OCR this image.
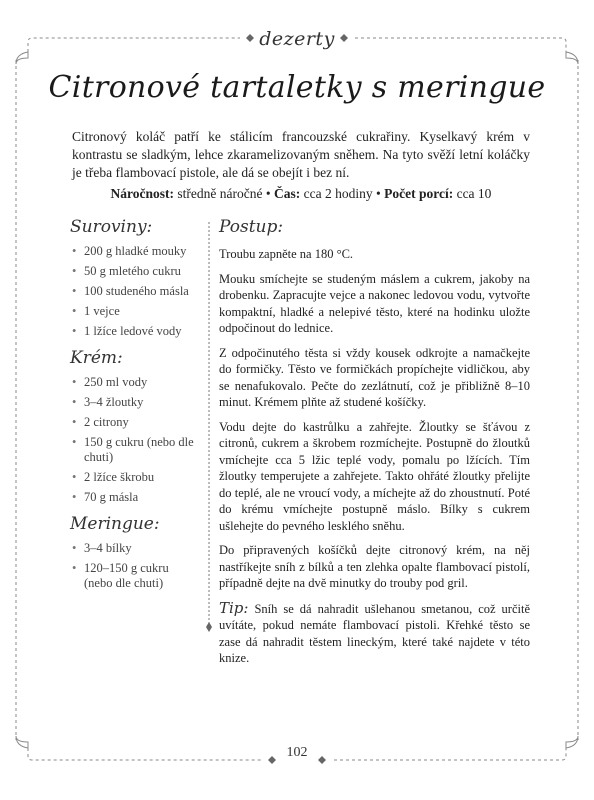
dezerty
Citronové tartaletky s meringue

Citronový koláč patří ke stálicím francouzské cukrařiny. Kyselkavý krém v kontrastu se sladkým, lehce zkaramelizovaným sněhem. Na tyto svěží letní koláčky je třeba flambovací pistole, ale dá se obejít i bez ní.

Náročnost: středně náročné • Čas: cca 2 hodiny • Počet porcí: cca 10
Suroviny:
• 200 g hladké mouky
• 50 g mletého cukru
• 100 studeného másla
• 1 vejce
• 1 lžíce ledové vody
Krém:
• 250 ml vody
• 3–4 žloutky
• 2 citrony
• 150 g cukru (nebo dle chuti)
• 2 lžíce škrobu
• 70 g másla
Meringue:
• 3–4 bílky
• 120–150 g cukru (nebo dle chuti)
Postup:

Troubu zapněte na 180 °C.

Mouku smíchejte se studeným máslem a cukrem, jakoby na drobenku. Zapracujte vejce a nakonec ledovou vodu, vytvořte kompaktní, hladké a nelepivé těsto, které na hodinku uložte odpočinout do lednice.

Z odpočinutého těsta si vždy kousek odkrojte a namačkejte do formičky. Těsto ve formičkách propíchejte vidličkou, aby se nenafukovalo. Pečte do zezlátnutí, což je přibližně 8–10 minut. Krémem plňte až studené košíčky.

Vodu dejte do kastrůlku a zahřejte. Žloutky se šťávou z citronů, cukrem a škrobem rozmíchejte. Postupně do žloutků vmíchejte cca 5 lžic teplé vody, pomalu po lžících. Tím žloutky temperujete a zahřejete. Takto ohřáté žloutky přelijte do teplé, ale ne vroucí vody, a míchejte až do zhoustnutí. Poté do krému vmíchejte postupně máslo. Bílky s cukrem ušlehejte do pevného lesklého sněhu.

Do připravených košíčků dejte citronový krém, na něj nastříkejte sníh z bílků a ten zlehka opalte flambovací pistolí, případně dejte na dvě minutky do trouby pod gril.

Tip: Sníh se dá nahradit ušlehanou smetanou, což určitě uvítáte, pokud nemáte flambovací pistoli. Křehké těsto se zase dá nahradit těstem lineckým, které také najdete v této knize.

102
